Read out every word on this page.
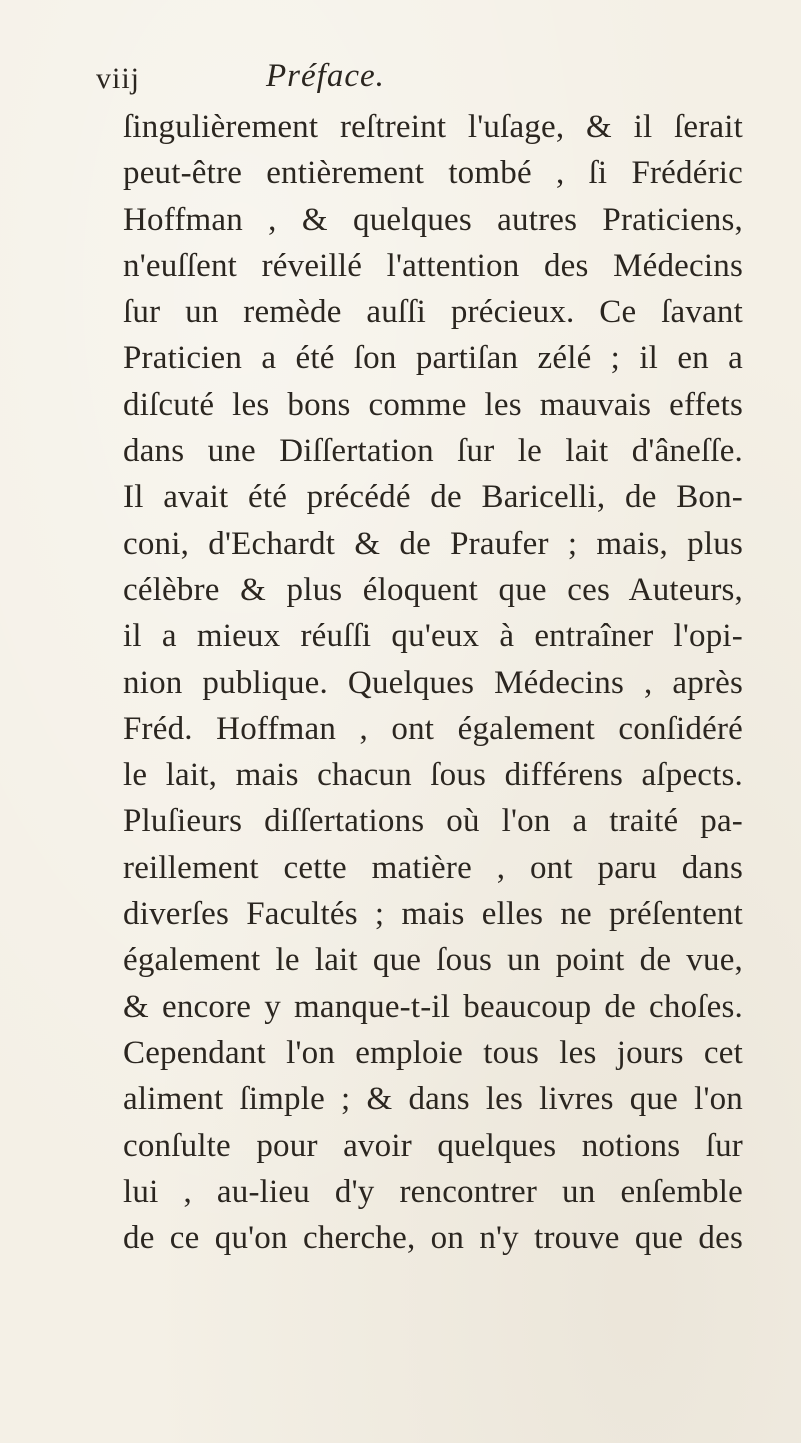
viij	Préface.
ſingulièrement reſtreint l'uſage, & il ſerait
peut-être entièrement tombé , ſi Frédéric
Hoffman , & quelques autres Praticiens,
n'euſſent réveillé l'attention des Médecins
ſur un remède auſſi précieux. Ce ſavant
Praticien a été ſon partiſan zélé ; il en a
diſcuté les bons comme les mauvais effets
dans une Diſſertation ſur le lait d'âneſſe.
Il avait été précédé de Baricelli, de Bon-
coni, d'Echardt & de Praufer ; mais, plus
célèbre & plus éloquent que ces Auteurs,
il a mieux réuſſi qu'eux à entraîner l'opi-
nion publique. Quelques Médecins , après
Fréd. Hoffman , ont également conſidéré
le lait, mais chacun ſous différens aſpects.
Pluſieurs diſſertations où l'on a traité pa-
reillement cette matière , ont paru dans
diverſes Facultés ; mais elles ne préſentent
également le lait que ſous un point de vue,
& encore y manque-t-il beaucoup de choſes.
Cependant l'on emploie tous les jours cet
aliment ſimple ; & dans les livres que l'on
conſulte pour avoir quelques notions ſur
lui , au-lieu d'y rencontrer un enſemble
de ce qu'on cherche, on n'y trouve que des
